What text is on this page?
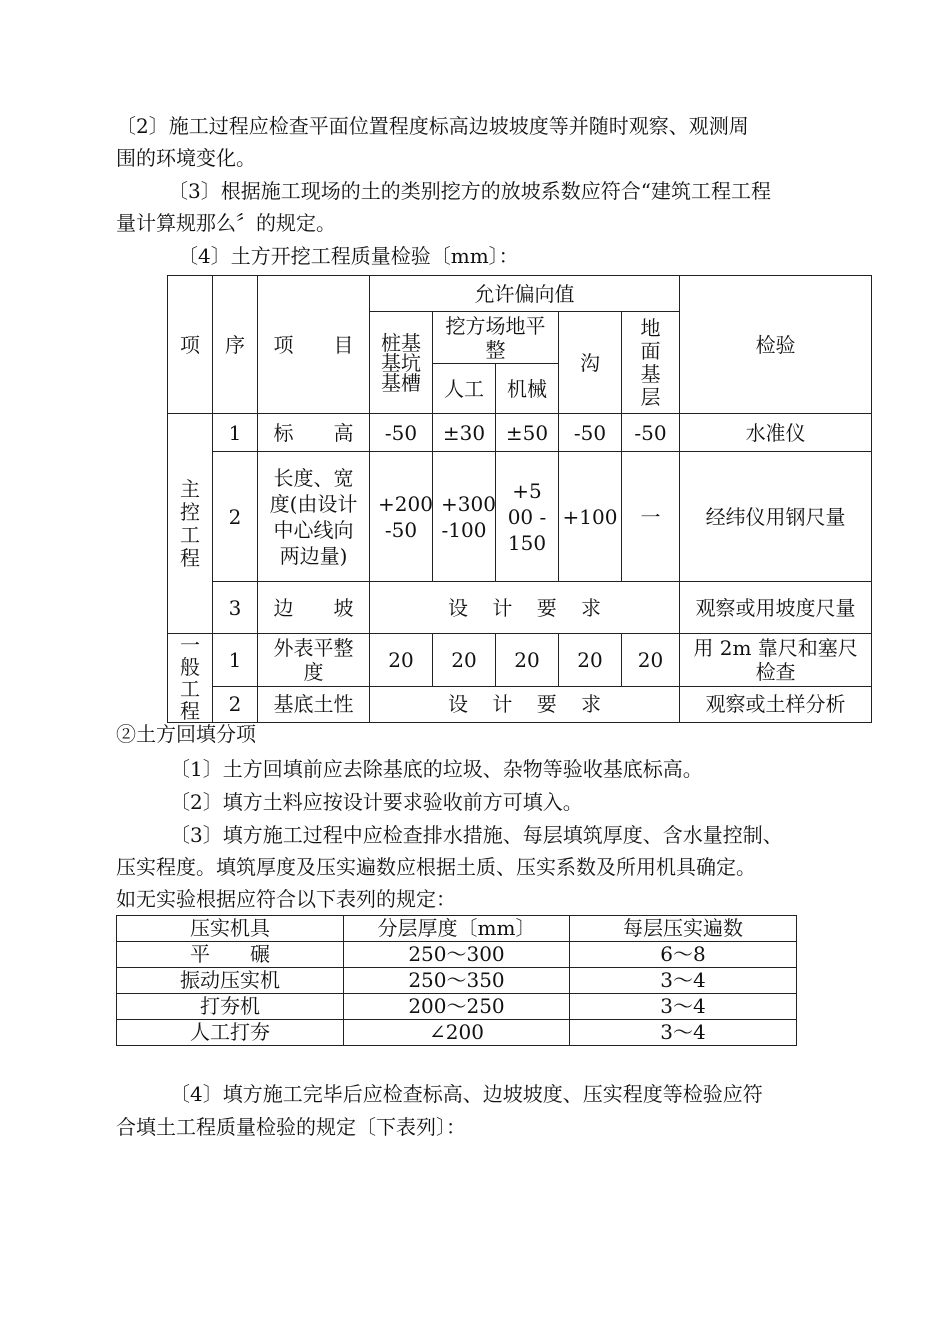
〔2〕施工过程应检查平面位置程度标高边坡坡度等并随时观察、观测周

围的环境变化。

〔3〕根据施工现场的土的类别挖方的放坡系数应符合“建筑工程工程

量计算规那么〞的规定。

〔4〕土方开挖工程质量检验〔mm〕：

项	序	项　　目	允许偏向值					检验
			桩基基坑基槽	挖方场地平整		沟	地面基层	
				人工	机械			
主控工程	1	标　　高	-50	±30	±50	-50	-50	水准仪
	2	长度、宽度(由设计中心线向两边量)	+200 -50	+300 -100	+500 -150	+100	一	经纬仪用钢尺量
	3	边　　坡	设 计 要 求					观察或用坡度尺量
一般工程	1	外表平整度	20	20	20	20	20	用 2m 靠尺和塞尺检查
	2	基底土性	设 计 要 求					观察或土样分析

②土方回填分项

〔1〕土方回填前应去除基底的垃圾、杂物等验收基底标高。

〔2〕填方土料应按设计要求验收前方可填入。

〔3〕填方施工过程中应检查排水措施、每层填筑厚度、含水量控制、

压实程度。填筑厚度及压实遍数应根据土质、压实系数及所用机具确定。

如无实验根据应符合以下表列的规定：

压实机具	分层厚度〔mm〕	每层压实遍数
平　　碾	250～300	6～8
振动压实机	250～350	3～4
打夯机	200～250	3～4
人工打夯	∠200	3～4

〔4〕填方施工完毕后应检查标高、边坡坡度、压实程度等检验应符

合填土工程质量检验的规定〔下表列〕：
